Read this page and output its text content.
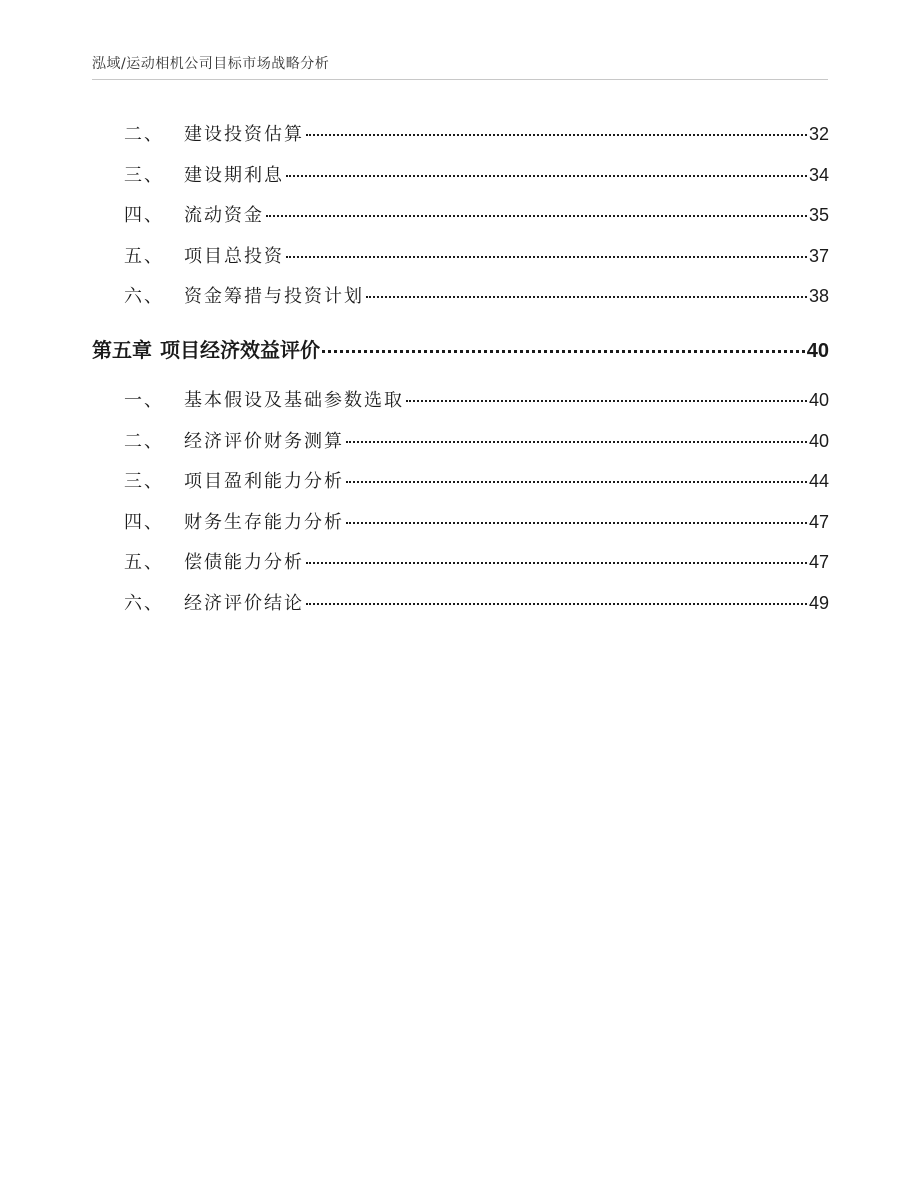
泓域/运动相机公司目标市场战略分析
二、 建设投资估算	32
三、 建设期利息	34
四、 流动资金	35
五、 项目总投资	37
六、 资金筹措与投资计划	38
第五章 项目经济效益评价	40
一、 基本假设及基础参数选取	40
二、 经济评价财务测算	40
三、 项目盈利能力分析	44
四、 财务生存能力分析	47
五、 偿债能力分析	47
六、 经济评价结论	49
